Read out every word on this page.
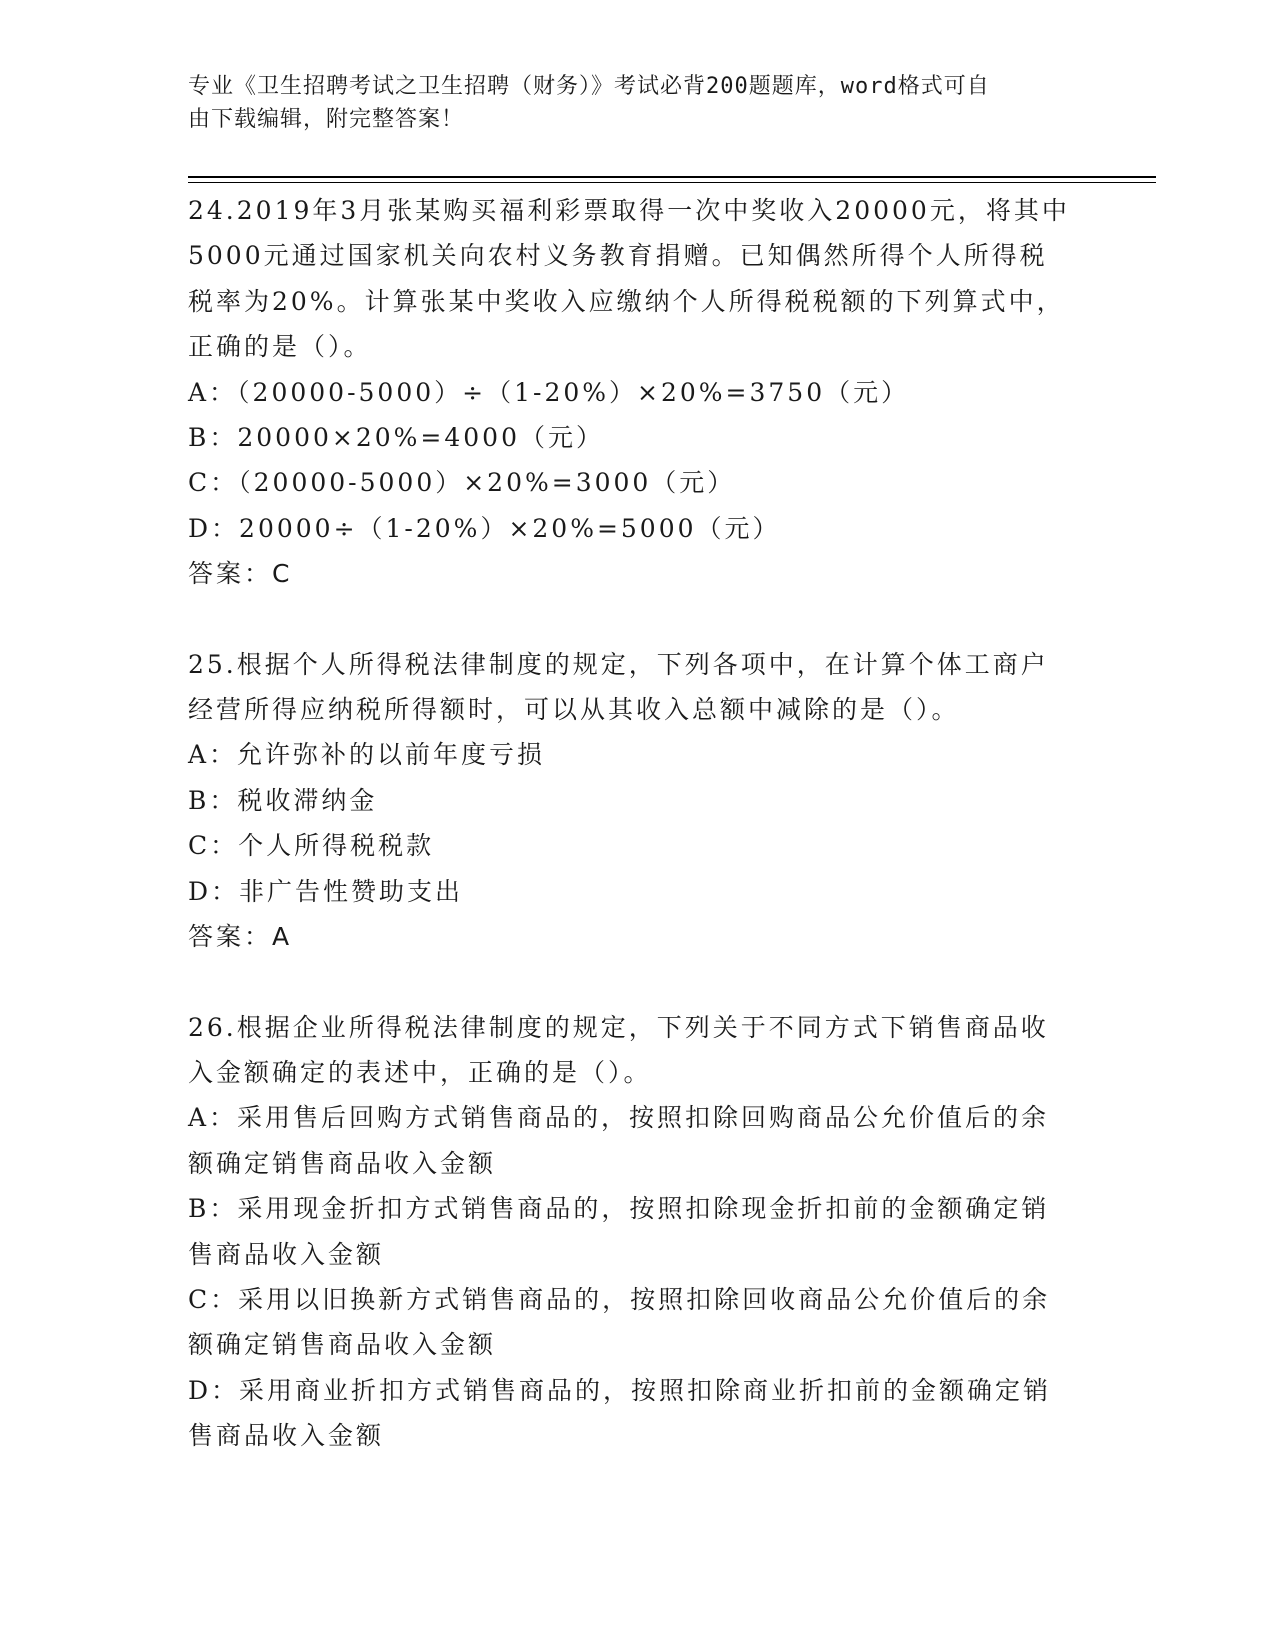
专业《卫生招聘考试之卫生招聘（财务）》考试必背200题题库，word格式可自
由下载编辑，附完整答案！
24.2019年3月张某购买福利彩票取得一次中奖收入20000元，将其中
5000元通过国家机关向农村义务教育捐赠。已知偶然所得个人所得税
税率为20%。计算张某中奖收入应缴纳个人所得税税额的下列算式中，
正确的是（）。
A：（20000-5000）÷（1-20%）×20%=3750（元）
B：20000×20%=4000（元）
C：（20000-5000）×20%=3000（元）
D：20000÷（1-20%）×20%=5000（元）
答案：C
25.根据个人所得税法律制度的规定，下列各项中，在计算个体工商户
经营所得应纳税所得额时，可以从其收入总额中减除的是（）。
A：允许弥补的以前年度亏损
B：税收滞纳金
C：个人所得税税款
D：非广告性赞助支出
答案：A
26.根据企业所得税法律制度的规定，下列关于不同方式下销售商品收
入金额确定的表述中，正确的是（）。
A：采用售后回购方式销售商品的，按照扣除回购商品公允价值后的余
额确定销售商品收入金额
B：采用现金折扣方式销售商品的，按照扣除现金折扣前的金额确定销
售商品收入金额
C：采用以旧换新方式销售商品的，按照扣除回收商品公允价值后的余
额确定销售商品收入金额
D：采用商业折扣方式销售商品的，按照扣除商业折扣前的金额确定销
售商品收入金额
